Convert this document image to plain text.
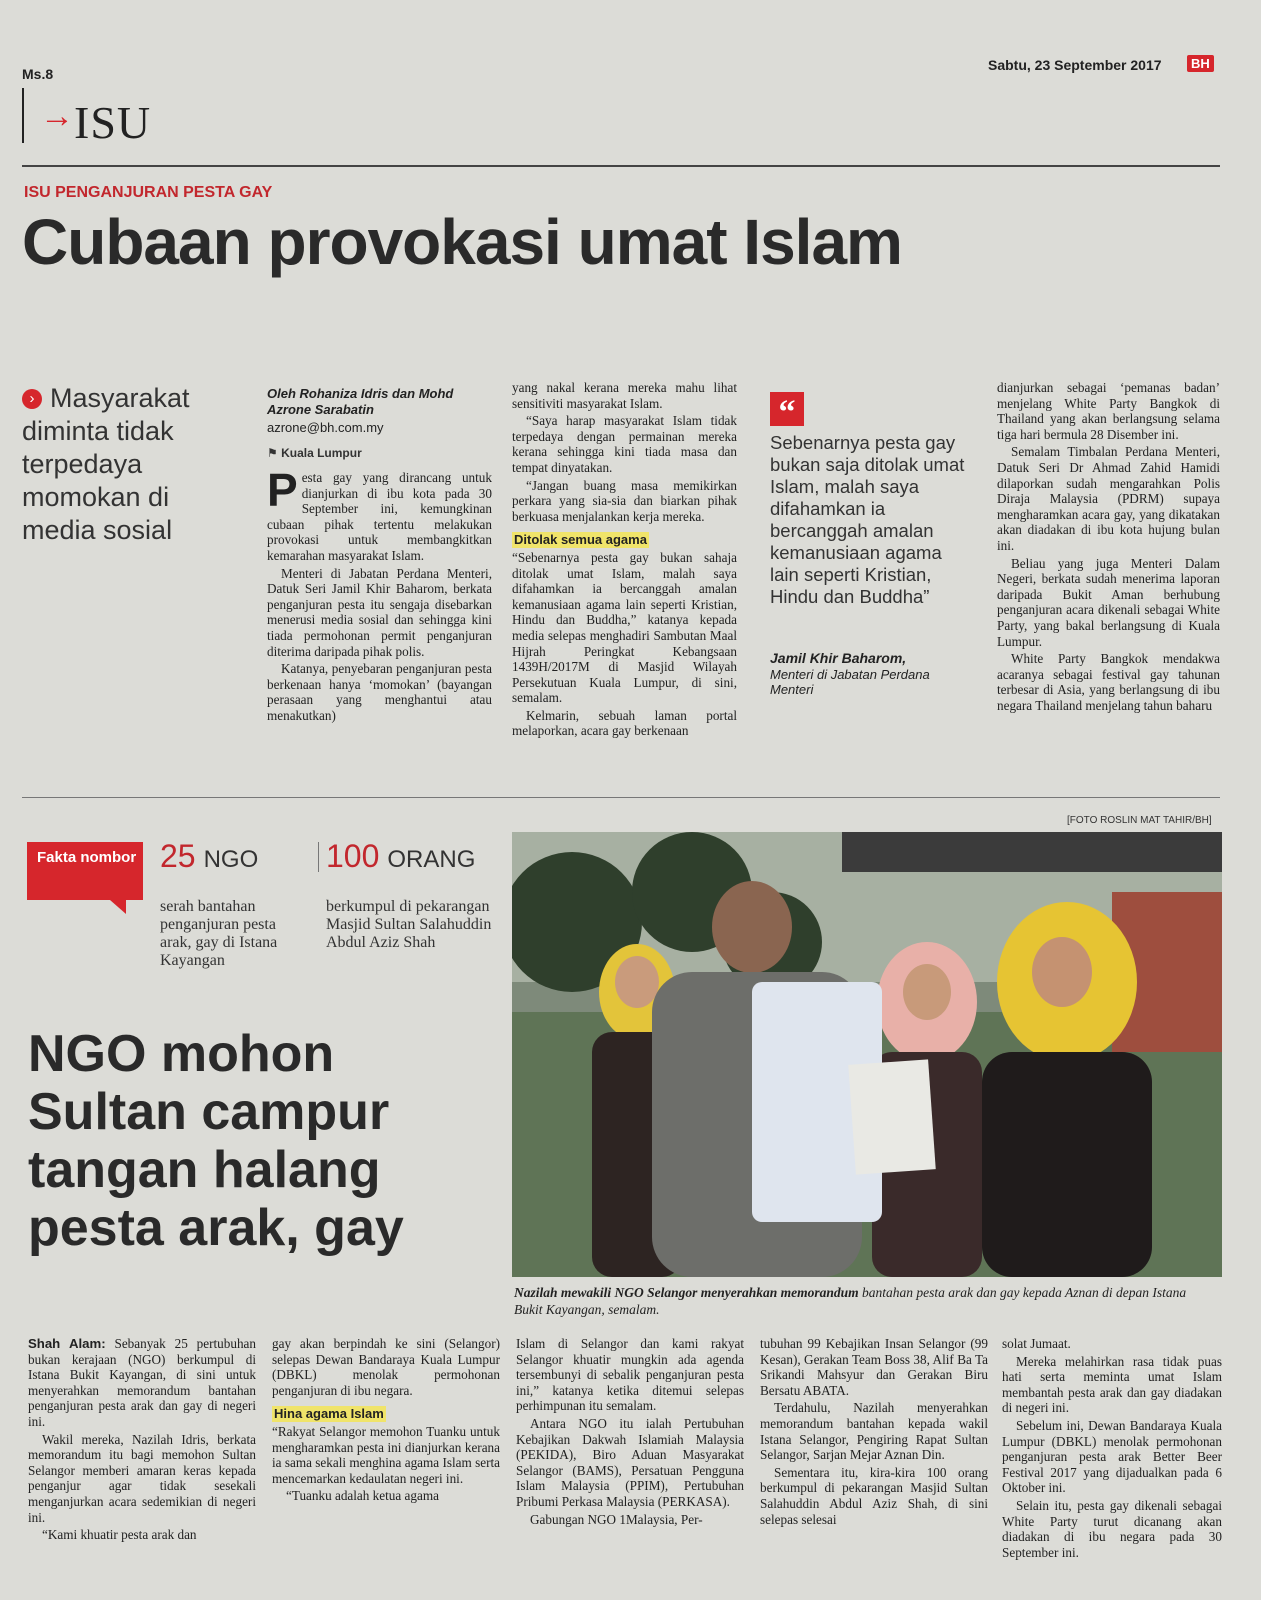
Ms.8
Sabtu, 23 September 2017	BH
→ ISU
ISU PENGANJURAN PESTA GAY
Cubaan provokasi umat Islam
› Masyarakat diminta tidak terpedaya momokan di media sosial
Oleh Rohaniza Idris dan Mohd Azrone Sarabatin
azrone@bh.com.my
⚑ Kuala Lumpur

Pesta gay yang dirancang untuk dianjurkan di ibu kota pada 30 September ini, kemungkinan cubaan pihak tertentu melakukan provokasi untuk membangkitkan kemarahan masyarakat Islam.

Menteri di Jabatan Perdana Menteri, Datuk Seri Jamil Khir Baharom, berkata penganjuran pesta itu sengaja disebarkan menerusi media sosial dan sehingga kini tiada permohonan permit penganjuran diterima daripada pihak polis.

Katanya, penyebaran penganjuran pesta berkenaan hanya ‘momokan’ (bayangan perasaan yang menghantui atau menakutkan)

yang nakal kerana mereka mahu lihat sensitiviti masyarakat Islam.

“Saya harap masyarakat Islam tidak terpedaya dengan permainan mereka kerana sehingga kini tiada masa dan tempat dinyatakan.

“Jangan buang masa memikirkan perkara yang sia-sia dan biarkan pihak berkuasa menjalankan kerja mereka.

Ditolak semua agama

“Sebenarnya pesta gay bukan sahaja ditolak umat Islam, malah saya difahamkan ia bercanggah amalan kemanusiaan agama lain seperti Kristian, Hindu dan Buddha,” katanya kepada media selepas menghadiri Sambutan Maal Hijrah Peringkat Kebangsaan 1439H/2017M di Masjid Wilayah Persekutuan Kuala Lumpur, di sini, semalam.

Kelmarin, sebuah laman portal melaporkan, acara gay berkenaan

“
Sebenarnya pesta gay bukan saja ditolak umat Islam, malah saya difahamkan ia bercanggah amalan kemanusiaan agama lain seperti Kristian, Hindu dan Buddha”
Jamil Khir Baharom,
Menteri di Jabatan Perdana Menteri

dianjurkan sebagai ‘pemanas badan’ menjelang White Party Bangkok di Thailand yang akan berlangsung selama tiga hari bermula 28 Disember ini.

Semalam Timbalan Perdana Menteri, Datuk Seri Dr Ahmad Zahid Hamidi dilaporkan sudah mengarahkan Polis Diraja Malaysia (PDRM) supaya mengharamkan acara gay, yang dikatakan akan diadakan di ibu kota hujung bulan ini.

Beliau yang juga Menteri Dalam Negeri, berkata sudah menerima laporan daripada Bukit Aman berhubung penganjuran acara dikenali sebagai White Party, yang bakal berlangsung di Kuala Lumpur.

White Party Bangkok mendakwa acaranya sebagai festival gay tahunan terbesar di Asia, yang berlangsung di ibu negara Thailand menjelang tahun baharu

[FOTO ROSLIN MAT TAHIR/BH]
Fakta nombor 25 NGO
serah bantahan penganjuran pesta arak, gay di Istana Kayangan
100 ORANG
berkumpul di pekarangan Masjid Sultan Salahuddin Abdul Aziz Shah
NGO mohon Sultan campur tangan halang pesta arak, gay
Nazilah mewakili NGO Selangor menyerahkan memorandum bantahan pesta arak dan gay kepada Aznan di depan Istana Bukit Kayangan, semalam.

Shah Alam: Sebanyak 25 pertubuhan bukan kerajaan (NGO) berkumpul di Istana Bukit Kayangan, di sini untuk menyerahkan memorandum bantahan penganjuran pesta arak dan gay di negeri ini.

Wakil mereka, Nazilah Idris, berkata memorandum itu bagi memohon Sultan Selangor memberi amaran keras kepada penganjur agar tidak sesekali menganjurkan acara sedemikian di negeri ini.

“Kami khuatir pesta arak dan

gay akan berpindah ke sini (Selangor) selepas Dewan Bandaraya Kuala Lumpur (DBKL) menolak permohonan penganjuran di ibu negara.

Hina agama Islam

“Rakyat Selangor memohon Tuanku untuk mengharamkan pesta ini dianjurkan kerana ia sama sekali menghina agama Islam serta mencemarkan kedaulatan negeri ini.

“Tuanku adalah ketua agama

Islam di Selangor dan kami rakyat Selangor khuatir mungkin ada agenda tersembunyi di sebalik penganjuran pesta ini,” katanya ketika ditemui selepas perhimpunan itu semalam.

Antara NGO itu ialah Pertubuhan Kebajikan Dakwah Islamiah Malaysia (PEKIDA), Biro Aduan Masyarakat Selangor (BAMS), Persatuan Pengguna Islam Malaysia (PPIM), Pertubuhan Pribumi Perkasa Malaysia (PERKASA).

Gabungan NGO 1Malaysia, Per-

tubuhan 99 Kebajikan Insan Selangor (99 Kesan), Gerakan Team Boss 38, Alif Ba Ta Srikandi Mahsyur dan Gerakan Biru Bersatu ABATA.

Terdahulu, Nazilah menyerahkan memorandum bantahan kepada wakil Istana Selangor, Pengiring Rapat Sultan Selangor, Sarjan Mejar Aznan Din.

Sementara itu, kira-kira 100 orang berkumpul di pekarangan Masjid Sultan Salahuddin Abdul Aziz Shah, di sini selepas selesai

solat Jumaat.

Mereka melahirkan rasa tidak puas hati serta meminta umat Islam membantah pesta arak dan gay diadakan di negeri ini.

Sebelum ini, Dewan Bandaraya Kuala Lumpur (DBKL) menolak permohonan penganjuran pesta arak Better Beer Festival 2017 yang dijadualkan pada 6 Oktober ini.

Selain itu, pesta gay dikenali sebagai White Party turut dicanang akan diadakan di ibu negara pada 30 September ini.
